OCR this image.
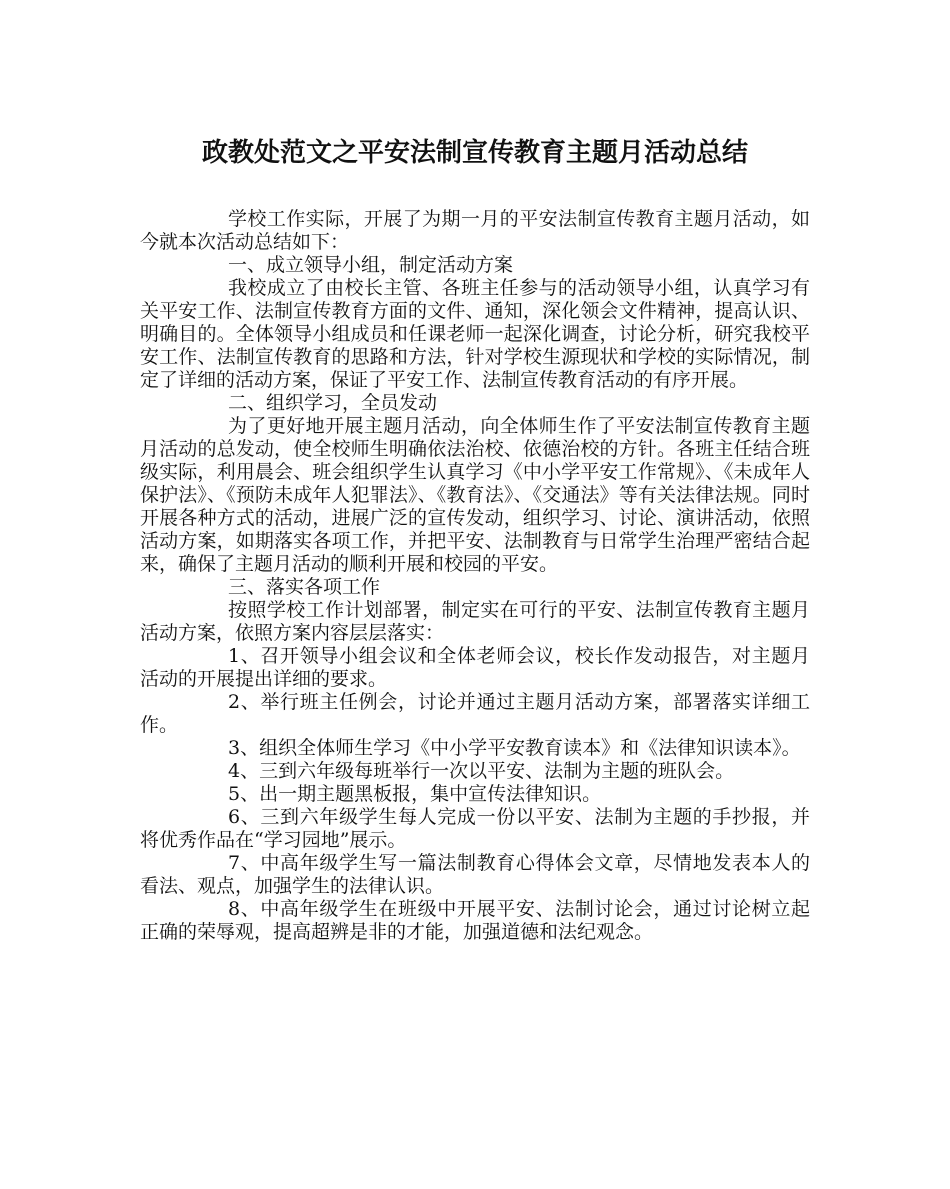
政教处范文之平安法制宣传教育主题月活动总结

学校工作实际，开展了为期一月的平安法制宣传教育主题月活动，如今就本次活动总结如下：

一、成立领导小组，制定活动方案

我校成立了由校长主管、各班主任参与的活动领导小组，认真学习有关平安工作、法制宣传教育方面的文件、通知，深化领会文件精神，提高认识、明确目的。全体领导小组成员和任课老师一起深化调查，讨论分析，研究我校平安工作、法制宣传教育的思路和方法，针对学校生源现状和学校的实际情况，制定了详细的活动方案，保证了平安工作、法制宣传教育活动的有序开展。

二、组织学习，全员发动

为了更好地开展主题月活动，向全体师生作了平安法制宣传教育主题月活动的总发动，使全校师生明确依法治校、依德治校的方针。各班主任结合班级实际，利用晨会、班会组织学生认真学习《中小学平安工作常规》、《未成年人保护法》、《预防未成年人犯罪法》、《教育法》、《交通法》等有关法律法规。同时开展各种方式的活动，进展广泛的宣传发动，组织学习、讨论、演讲活动，依照活动方案，如期落实各项工作，并把平安、法制教育与日常学生治理严密结合起来，确保了主题月活动的顺利开展和校园的平安。

三、落实各项工作

按照学校工作计划部署，制定实在可行的平安、法制宣传教育主题月活动方案，依照方案内容层层落实：

1、召开领导小组会议和全体老师会议，校长作发动报告，对主题月活动的开展提出详细的要求。

2、举行班主任例会，讨论并通过主题月活动方案，部署落实详细工作。

3、组织全体师生学习《中小学平安教育读本》和《法律知识读本》。

4、三到六年级每班举行一次以平安、法制为主题的班队会。

5、出一期主题黑板报，集中宣传法律知识。

6、三到六年级学生每人完成一份以平安、法制为主题的手抄报，并将优秀作品在“学习园地”展示。

7、中高年级学生写一篇法制教育心得体会文章，尽情地发表本人的看法、观点，加强学生的法律认识。

8、中高年级学生在班级中开展平安、法制讨论会，通过讨论树立起正确的荣辱观，提高超辨是非的才能，加强道德和法纪观念。
